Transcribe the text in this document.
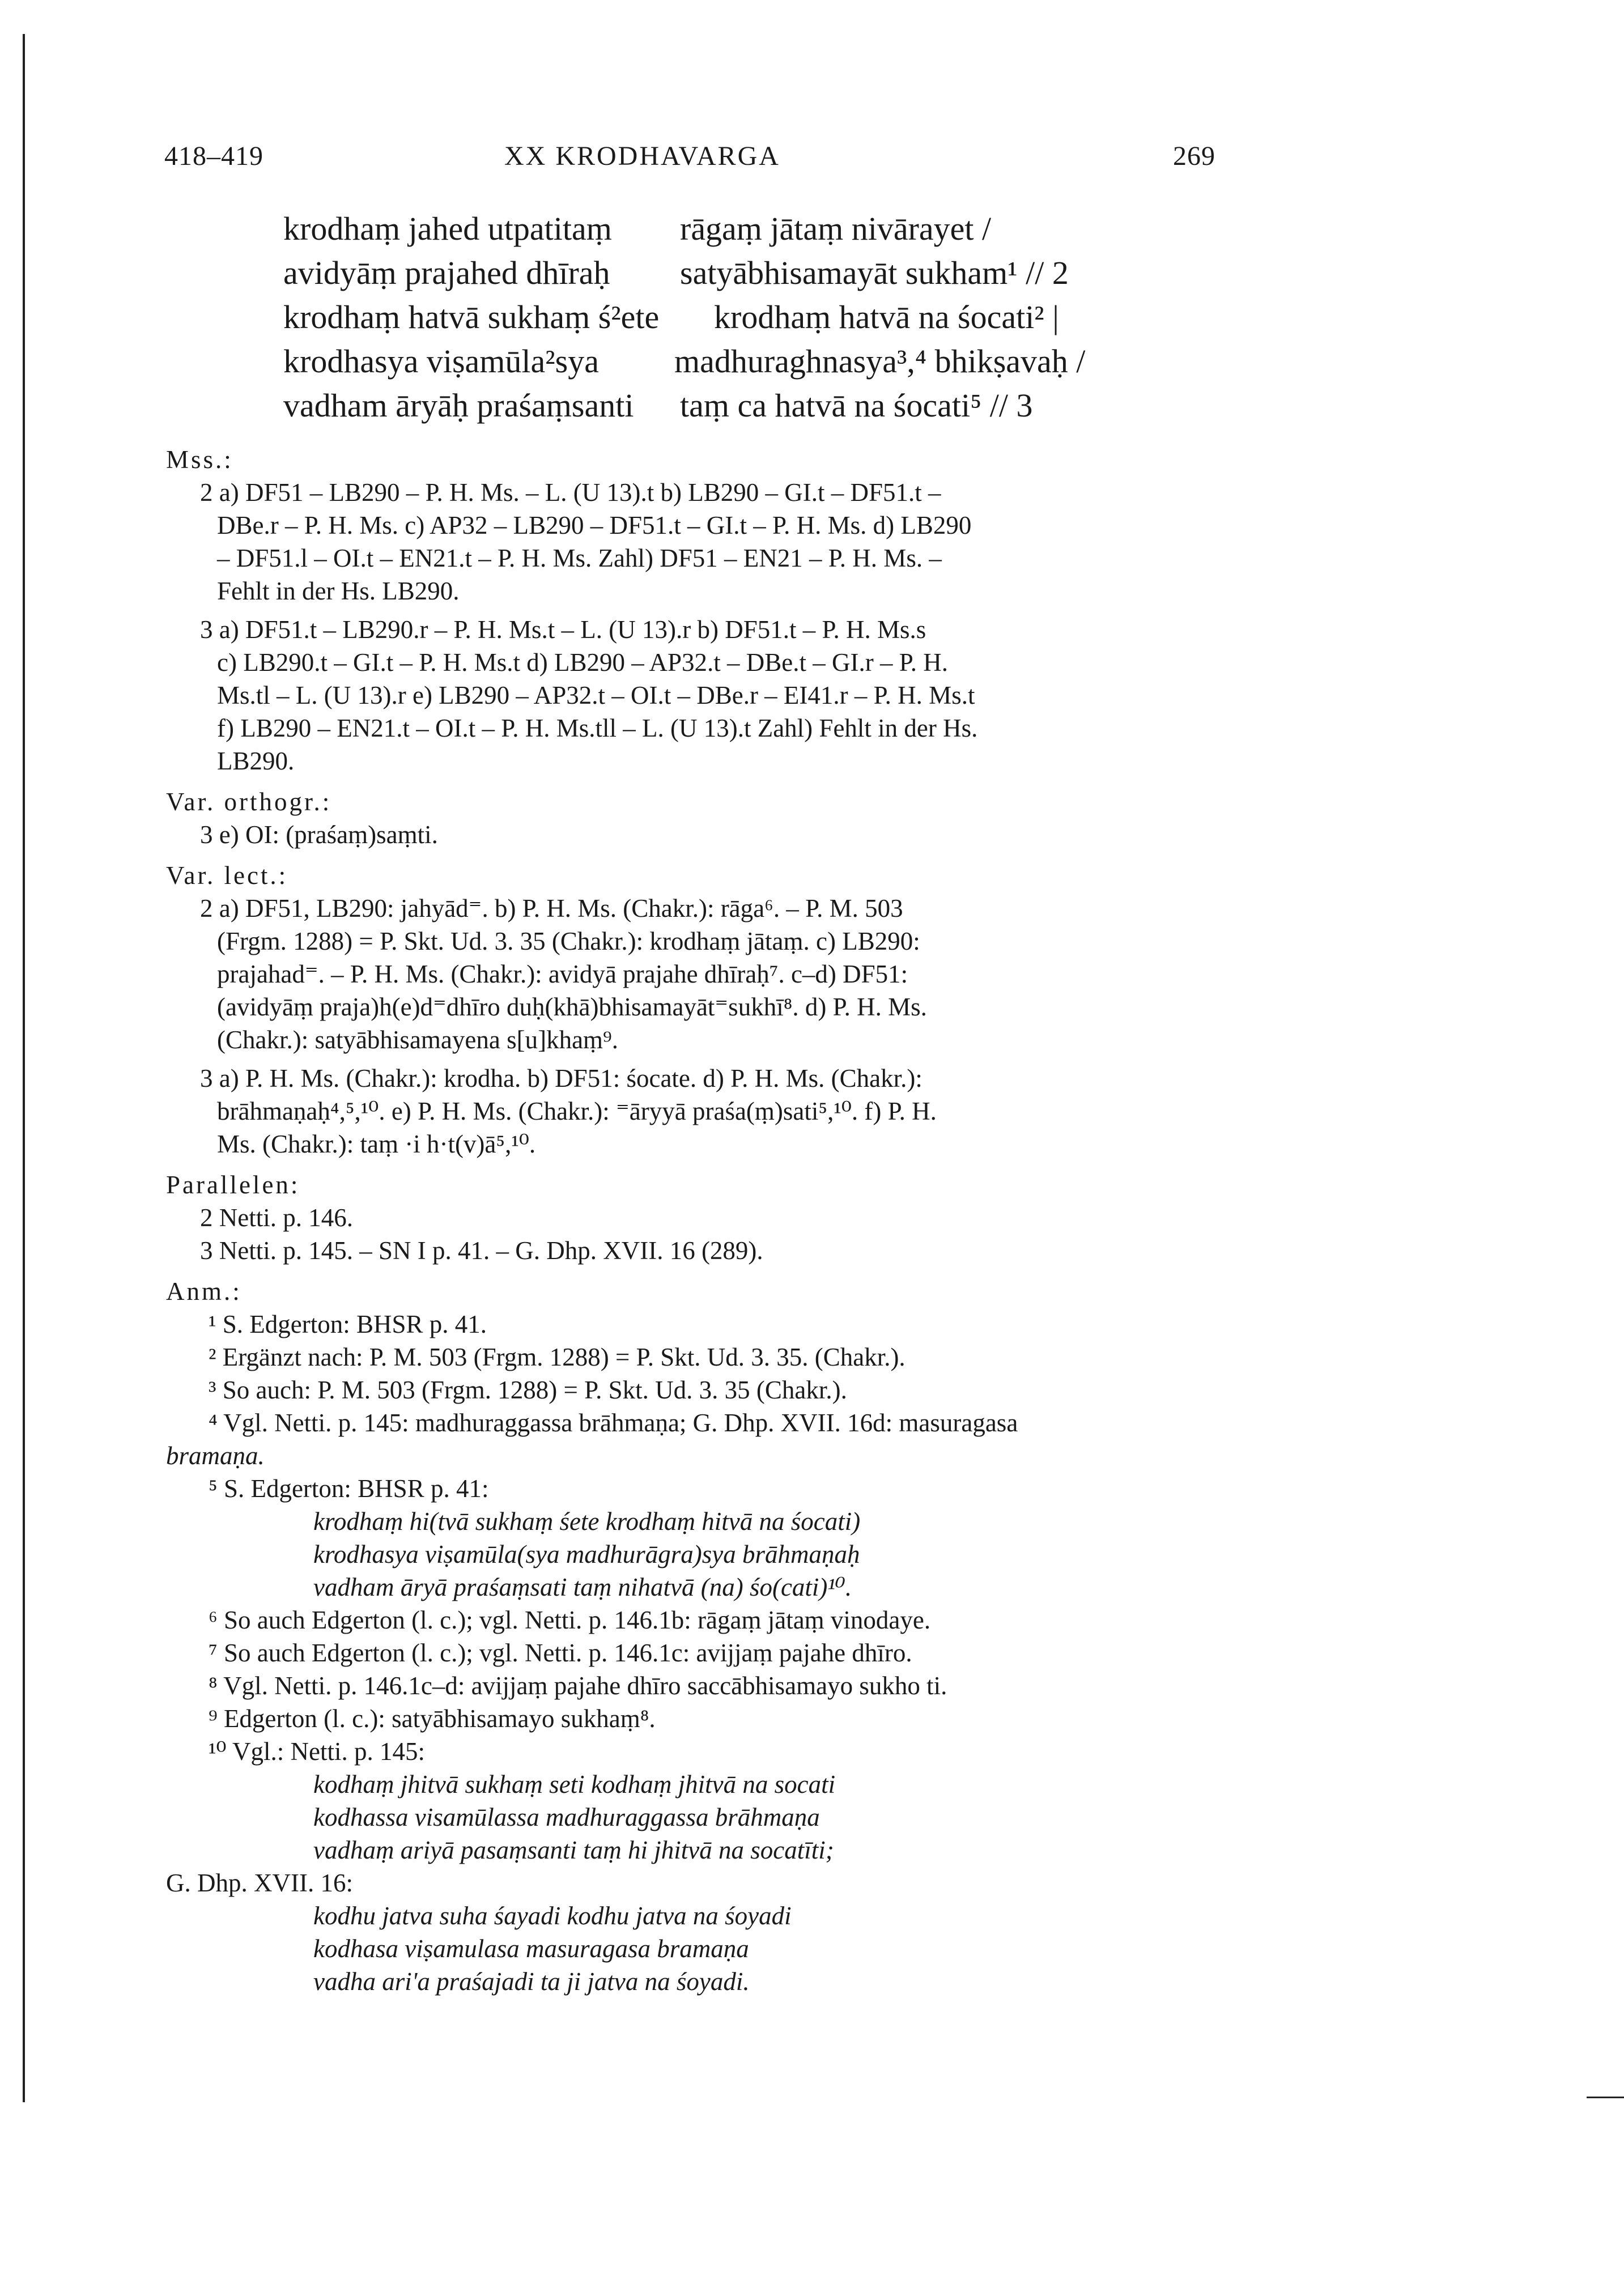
418–419	XX KRODHAVARGA	269
krodhaṃ jahed utpatitaṃ rāgaṃ jātaṃ nivārayet /
avidyāṃ prajahed dhīraḥ satyābhisamayāt sukham¹ // 2
krodhaṃ hatvā sukhaṃ ś²ete krodhaṃ hatvā na śocati² |
krodhasya viṣamūla²sya madhuraghnasya³,⁴ bhikṣavaḥ /
vadham āryāḥ praśaṃsanti taṃ ca hatvā na śocati⁵ // 3
Mss.:
2 a) DF51 – LB290 – P. H. Ms. – L. (U 13).t b) LB290 – GI.t – DF51.t –
DBe.r – P. H. Ms. c) AP32 – LB290 – DF51.t – GI.t – P. H. Ms. d) LB290
– DF51.l – OI.t – EN21.t – P. H. Ms. Zahl) DF51 – EN21 – P. H. Ms. –
Fehlt in der Hs. LB290.
3 a) DF51.t – LB290.r – P. H. Ms.t – L. (U 13).r b) DF51.t – P. H. Ms.s
c) LB290.t – GI.t – P. H. Ms.t d) LB290 – AP32.t – DBe.t – GI.r – P. H.
Ms.tl – L. (U 13).r e) LB290 – AP32.t – OI.t – DBe.r – EI41.r – P. H. Ms.t
f) LB290 – EN21.t – OI.t – P. H. Ms.tll – L. (U 13).t Zahl) Fehlt in der Hs.
LB290.
Var. orthogr.:
3 e) OI: (praśaṃ)saṃti.
Var. lect.:
2 a) DF51, LB290: jahyād⁼. b) P. H. Ms. (Chakr.): rāga⁶. – P. M. 503
(Frgm. 1288) = P. Skt. Ud. 3. 35 (Chakr.): krodhaṃ jātaṃ. c) LB290:
prajahad⁼. – P. H. Ms. (Chakr.): avidyā prajahe dhīraḥ⁷. c–d) DF51:
(avidyāṃ praja)h(e)d⁼dhīro duḥ(khā)bhisamayāt⁼sukhī⁸. d) P. H. Ms.
(Chakr.): satyābhisamayena s[u]khaṃ⁹.
3 a) P. H. Ms. (Chakr.): krodha. b) DF51: śocate. d) P. H. Ms. (Chakr.):
brāhmaṇaḥ⁴,⁵,¹⁰. e) P. H. Ms. (Chakr.): ⁼āryyā praśa(ṃ)sati⁵,¹⁰. f) P. H.
Ms. (Chakr.): taṃ ·i h·t(v)ā⁵,¹⁰.
Parallelen:
2 Netti. p. 146.
3 Netti. p. 145. – SN I p. 41. – G. Dhp. XVII. 16 (289).
Anm.:
¹ S. Edgerton: BHSR p. 41.
² Ergänzt nach: P. M. 503 (Frgm. 1288) = P. Skt. Ud. 3. 35. (Chakr.).
³ So auch: P. M. 503 (Frgm. 1288) = P. Skt. Ud. 3. 35 (Chakr.).
⁴ Vgl. Netti. p. 145: madhuraggassa brāhmaṇa; G. Dhp. XVII. 16d: masuragasa
bramaṇa.
⁵ S. Edgerton: BHSR p. 41:
krodhaṃ hi(tvā sukhaṃ śete krodhaṃ hitvā na śocati)
krodhasya viṣamūla(sya madhurāgra)sya brāhmaṇaḥ
vadham āryā praśaṃsati taṃ nihatvā (na) śo(cati)¹⁰.
⁶ So auch Edgerton (l. c.); vgl. Netti. p. 146.1b: rāgaṃ jātaṃ vinodaye.
⁷ So auch Edgerton (l. c.); vgl. Netti. p. 146.1c: avijjaṃ pajahe dhīro.
⁸ Vgl. Netti. p. 146.1c–d: avijjaṃ pajahe dhīro saccābhisamayo sukho ti.
⁹ Edgerton (l. c.): satyābhisamayo sukhaṃ⁸.
¹⁰ Vgl.: Netti. p. 145:
kodhaṃ jhitvā sukhaṃ seti kodhaṃ jhitvā na socati
kodhassa visamūlassa madhuraggassa brāhmaṇa
vadhaṃ ariyā pasaṃsanti taṃ hi jhitvā na socatīti;
G. Dhp. XVII. 16:
kodhu jatva suha śayadi kodhu jatva na śoyadi
kodhasa viṣamulasa masuragasa bramaṇa
vadha ari'a praśajadi ta ji jatva na śoyadi.
